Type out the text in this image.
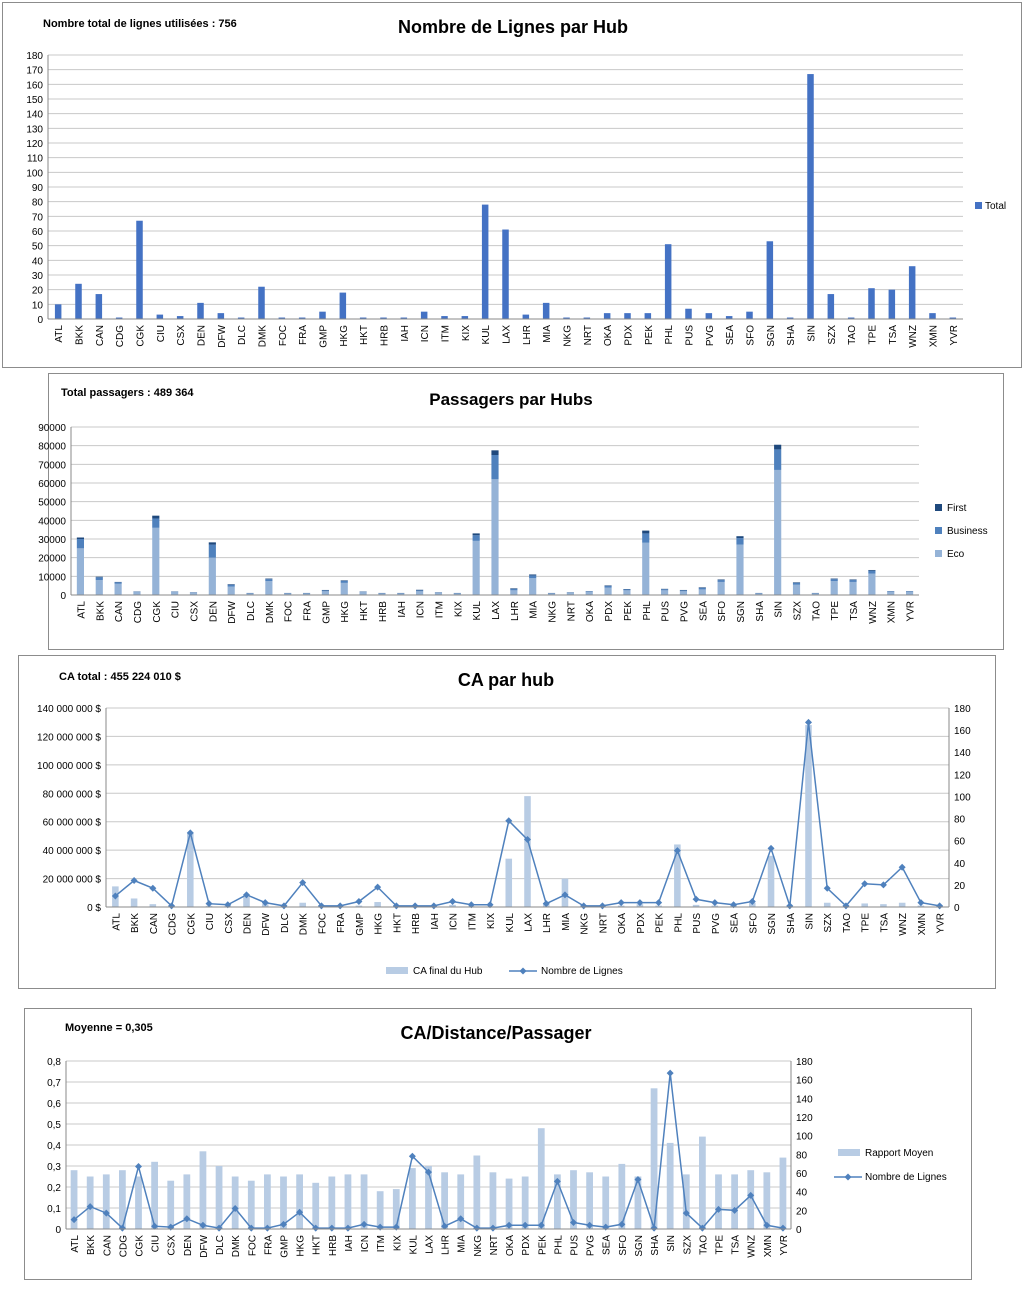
Nombre de Lignes par Hub
Nombre total de lignes utilisées : 756
0
10
20
30
40
50
60
70
80
90
100
110
120
130
140
150
160
170
180
ATL BKK CAN CDG CGK CIU CSX DEN DFW DLC DMK FOC FRA GMP HKG HKT HRB IAH ICN ITM KIX KUL LAX LHR MIA NKG NRT OKA PDX PEK PHL PUS PVG SEA SFO SGN SHA SIN SZX TAO TPE TSA WNZ XMN YVR
Total
Passagers par Hubs
Total passagers : 489 364
0
10000
20000
30000
40000
50000
60000
70000
80000
90000
ATL BKK CAN CDG CGK CIU CSX DEN DFW DLC DMK FOC FRA GMP HKG HKT HRB IAH ICN ITM KIX KUL LAX LHR MIA NKG NRT OKA PDX PEK PHL PUS PVG SEA SFO SGN SHA SIN SZX TAO TPE TSA WNZ XMN YVR
First
Business
Eco
CA par hub
CA total : 455 224 010 $
0 $
20 000 000 $
40 000 000 $
60 000 000 $
80 000 000 $
100 000 000 $
120 000 000 $
140 000 000 $
0
20
40
60
80
100
120
140
160
180
ATL BKK CAN CDG CGK CIU CSX DEN DFW DLC DMK FOC FRA GMP HKG HKT HRB IAH ICN ITM KIX KUL LAX LHR MIA NKG NRT OKA PDX PEK PHL PUS PVG SEA SFO SGN SHA SIN SZX TAO TPE TSA WNZ XMN YVR
CA final du Hub	Nombre de Lignes
CA/Distance/Passager
Moyenne = 0,305
0
0,1
0,2
0,3
0,4
0,5
0,6
0,7
0,8
0
20
40
60
80
100
120
140
160
180
ATL BKK CAN CDG CGK CIU CSX DEN DFW DLC DMK FOC FRA GMP HKG HKT HRB IAH ICN ITM KIX KUL LAX LHR MIA NKG NRT OKA PDX PEK PHL PUS PVG SEA SFO SGN SHA SIN SZX TAO TPE TSA WNZ XMN YVR
Rapport Moyen
Nombre de Lignes
